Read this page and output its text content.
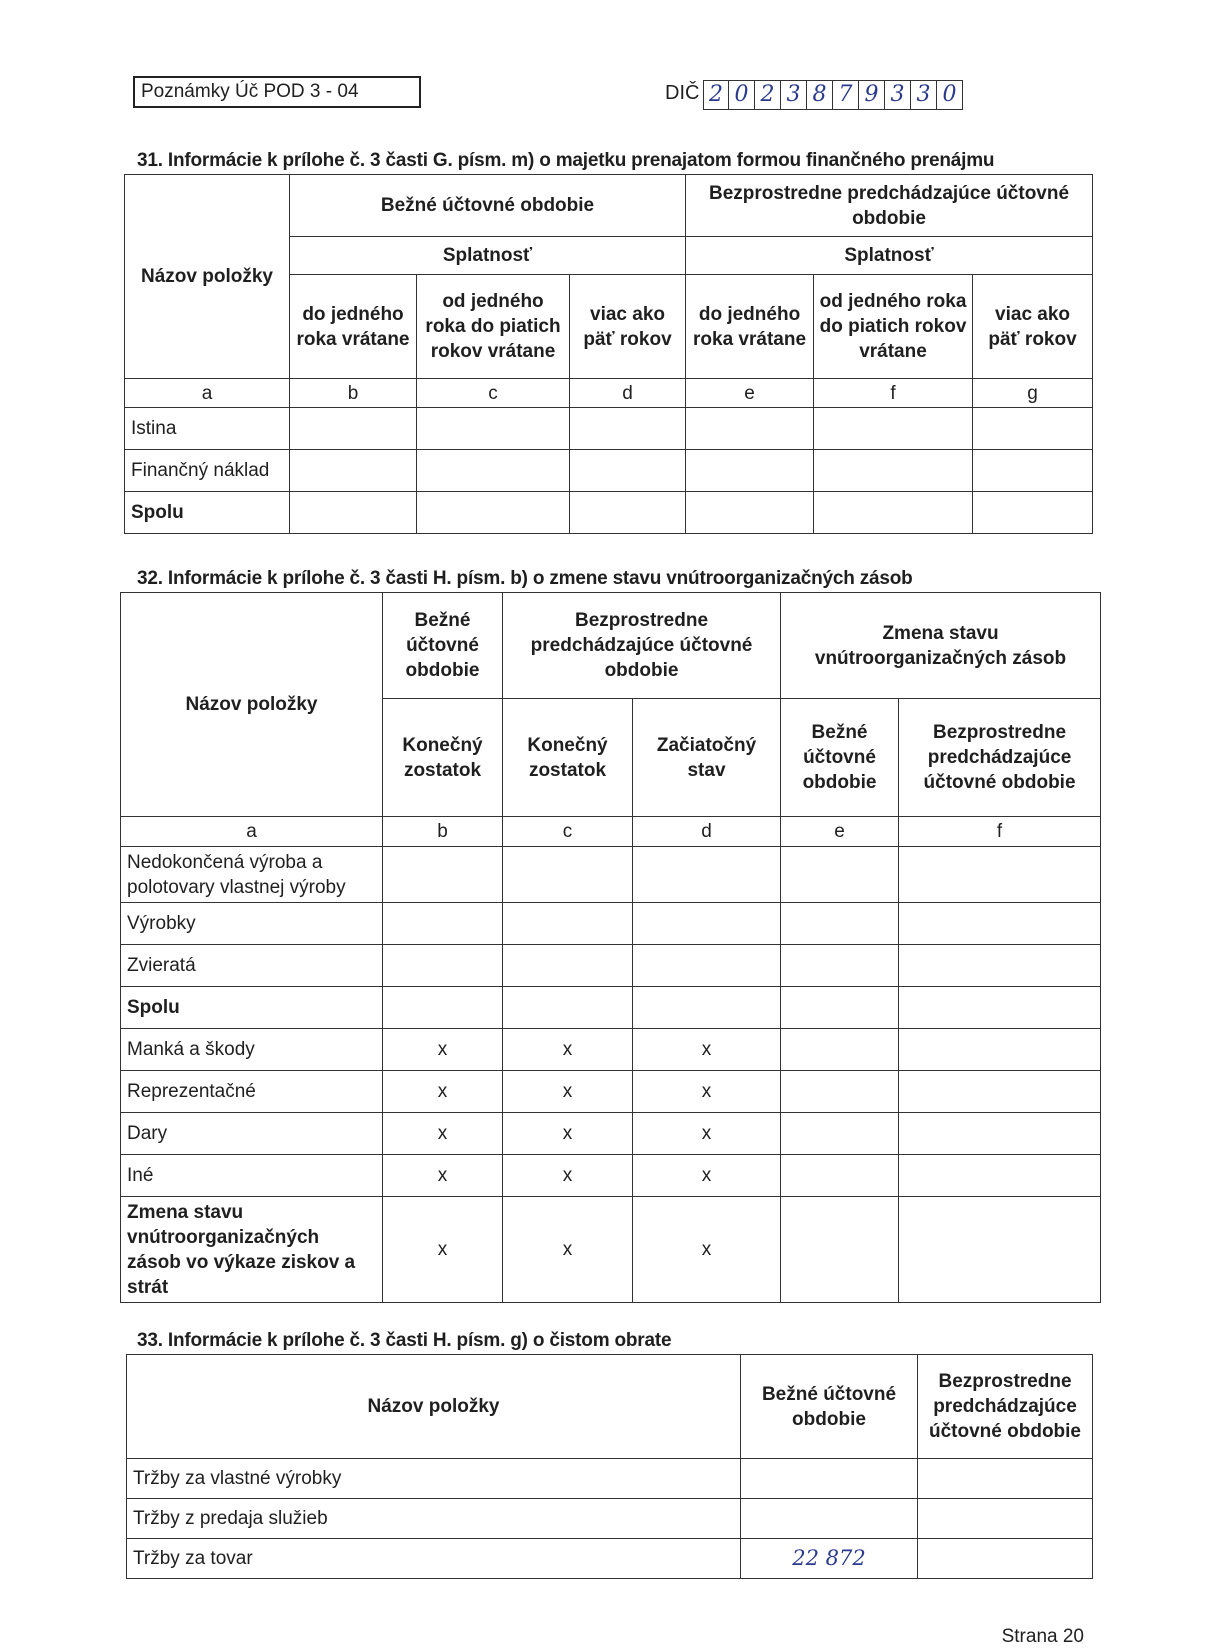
Poznámky Úč POD 3 - 04	DIČ 2 0 2 3 8 7 9 3 3 0
31. Informácie k prílohe č. 3 časti G. písm. m) o majetku prenajatom formou finančného prenájmu
Názov položky	Bežné účtovné obdobie			Bezprostredne predchádzajúce účtovné obdobie		
	Splatnosť			Splatnosť		
	do jedného roka vrátane	od jedného roka do piatich rokov vrátane	viac ako päť rokov	do jedného roka vrátane	od jedného roka do piatich rokov vrátane	viac ako päť rokov
a	b	c	d	e	f	g
Istina						
Finančný náklad						
Spolu						
32. Informácie k prílohe č. 3 časti H. písm. b) o zmene stavu vnútroorganizačných zásob
Názov položky	Bežné účtovné obdobie	Bezprostredne predchádzajúce účtovné obdobie		Zmena stavu vnútroorganizačných zásob	
	Konečný zostatok	Konečný zostatok	Začiatočný stav	Bežné účtovné obdobie	Bezprostredne predchádzajúce účtovné obdobie
a	b	c	d	e	f
Nedokončená výroba a polotovary vlastnej výroby					
Výrobky					
Zvieratá					
Spolu					
Manká a škody	x	x	x		
Reprezentačné	x	x	x		
Dary	x	x	x		
Iné	x	x	x		
Zmena stavu vnútroorganizačných zásob vo výkaze ziskov a strát	x	x	x		
33. Informácie k prílohe č. 3 časti H. písm. g) o čistom obrate
Názov položky	Bežné účtovné obdobie	Bezprostredne predchádzajúce účtovné obdobie
Tržby za vlastné výrobky		
Tržby z predaja služieb		
Tržby za tovar	22 872	
Strana 20
